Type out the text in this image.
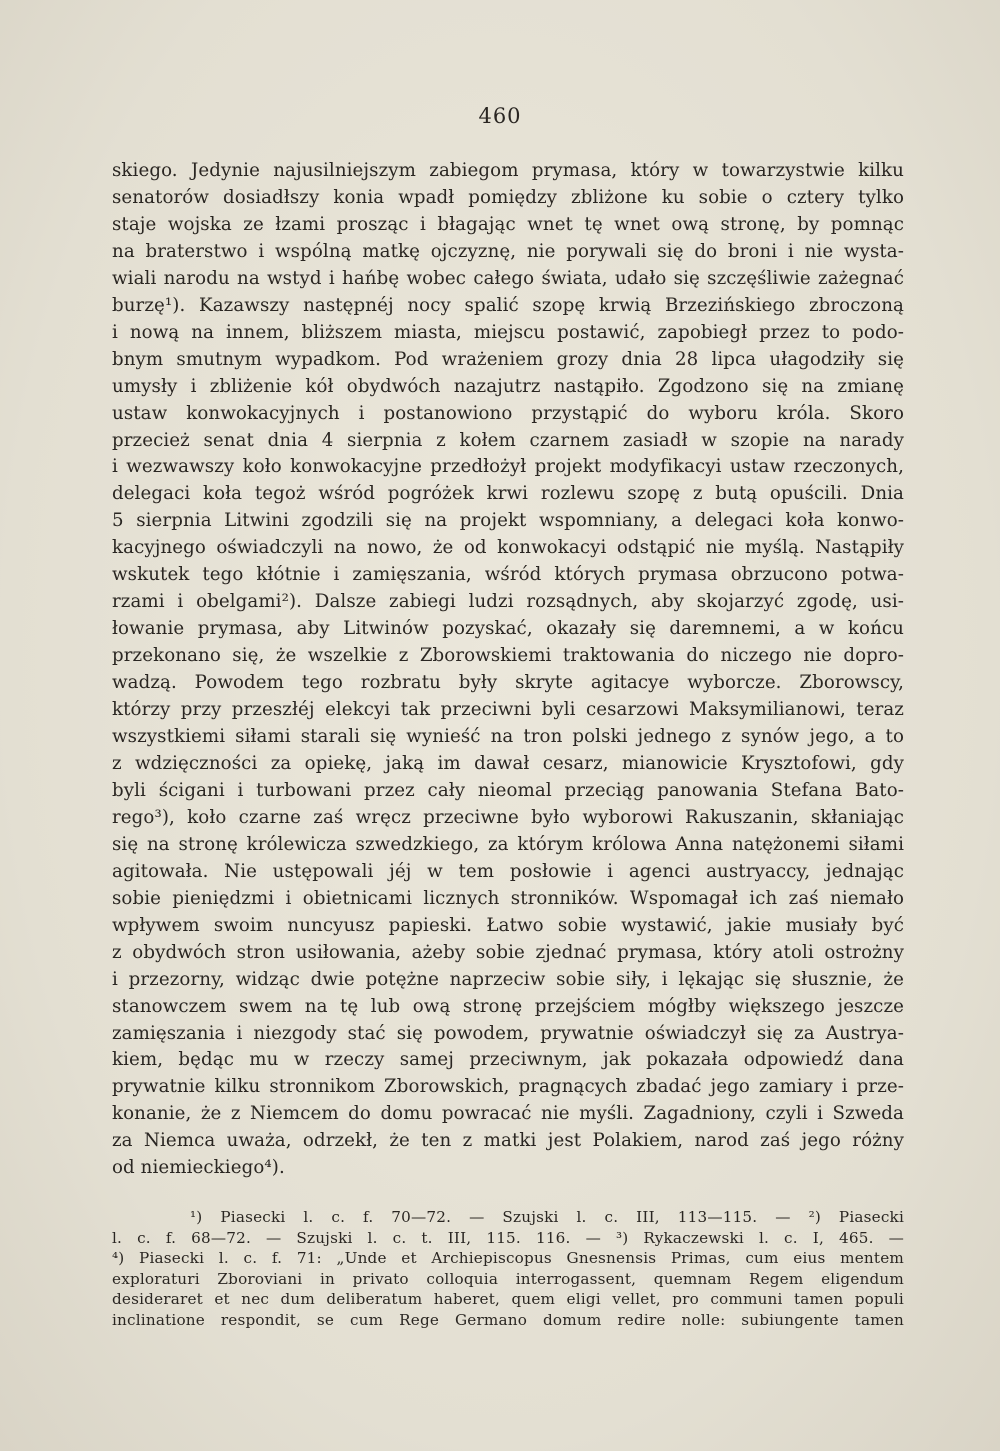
460
skiego. Jedynie najusilniejszym zabiegom prymasa, który w towarzystwie kilku
senatorów dosiadłszy konia wpadł pomiędzy zbliżone ku sobie o cztery tylko
staje wojska ze łzami prosząc i błagając wnet tę wnet ową stronę, by pomnąc
na braterstwo i wspólną matkę ojczyznę, nie porywali się do broni i nie wysta-
wiali narodu na wstyd i hańbę wobec całego świata, udało się szczęśliwie zażegnać
burzę¹). Kazawszy następnéj nocy spalić szopę krwią Brzezińskiego zbroczoną
i nową na innem, bliższem miasta, miejscu postawić, zapobiegł przez to podo-
bnym smutnym wypadkom. Pod wrażeniem grozy dnia 28 lipca ułagodziły się
umysły i zbliżenie kół obydwóch nazajutrz nastąpiło. Zgodzono się na zmianę
ustaw konwokacyjnych i postanowiono przystąpić do wyboru króla. Skoro
przecież senat dnia 4 sierpnia z kołem czarnem zasiadł w szopie na narady
i wezwawszy koło konwokacyjne przedłożył projekt modyfikacyi ustaw rzeczonych,
delegaci koła tegoż wśród pogróżek krwi rozlewu szopę z butą opuścili. Dnia
5 sierpnia Litwini zgodzili się na projekt wspomniany, a delegaci koła konwo-
kacyjnego oświadczyli na nowo, że od konwokacyi odstąpić nie myślą. Nastąpiły
wskutek tego kłótnie i zamięszania, wśród których prymasa obrzucono potwa-
rzami i obelgami²). Dalsze zabiegi ludzi rozsądnych, aby skojarzyć zgodę, usi-
łowanie prymasa, aby Litwinów pozyskać, okazały się daremnemi, a w końcu
przekonano się, że wszelkie z Zborowskiemi traktowania do niczego nie dopro-
wadzą. Powodem tego rozbratu były skryte agitacye wyborcze. Zborowscy,
którzy przy przeszłéj elekcyi tak przeciwni byli cesarzowi Maksymilianowi, teraz
wszystkiemi siłami starali się wynieść na tron polski jednego z synów jego, a to
z wdzięczności za opiekę, jaką im dawał cesarz, mianowicie Krysztofowi, gdy
byli ścigani i turbowani przez cały nieomal przeciąg panowania Stefana Bato-
rego³), koło czarne zaś wręcz przeciwne było wyborowi Rakuszanin, skłaniając
się na stronę królewicza szwedzkiego, za którym królowa Anna natężonemi siłami
agitowała. Nie ustępowali jéj w tem posłowie i agenci austryaccy, jednając
sobie pieniędzmi i obietnicami licznych stronników. Wspomagał ich zaś niemało
wpływem swoim nuncyusz papieski. Łatwo sobie wystawić, jakie musiały być
z obydwóch stron usiłowania, ażeby sobie zjednać prymasa, który atoli ostrożny
i przezorny, widząc dwie potężne naprzeciw sobie siły, i lękając się słusznie, że
stanowczem swem na tę lub ową stronę przejściem mógłby większego jeszcze
zamięszania i niezgody stać się powodem, prywatnie oświadczył się za Austrya-
kiem, będąc mu w rzeczy samej przeciwnym, jak pokazała odpowiedź dana
prywatnie kilku stronnikom Zborowskich, pragnących zbadać jego zamiary i prze-
konanie, że z Niemcem do domu powracać nie myśli. Zagadniony, czyli i Szweda
za Niemca uważa, odrzekł, że ten z matki jest Polakiem, narod zaś jego różny
od niemieckiego⁴).
¹) Piasecki l. c. f. 70—72. — Szujski l. c. III, 113—115. — ²) Piasecki
l. c. f. 68—72. — Szujski l. c. t. III, 115. 116. — ³) Rykaczewski l. c. I, 465. —
⁴) Piasecki l. c. f. 71: „Unde et Archiepiscopus Gnesnensis Primas, cum eius mentem
exploraturi Zboroviani in privato colloquia interrogassent, quemnam Regem eligendum
desideraret et nec dum deliberatum haberet, quem eligi vellet, pro communi tamen populi
inclinatione respondit, se cum Rege Germano domum redire nolle: subiungente tamen
